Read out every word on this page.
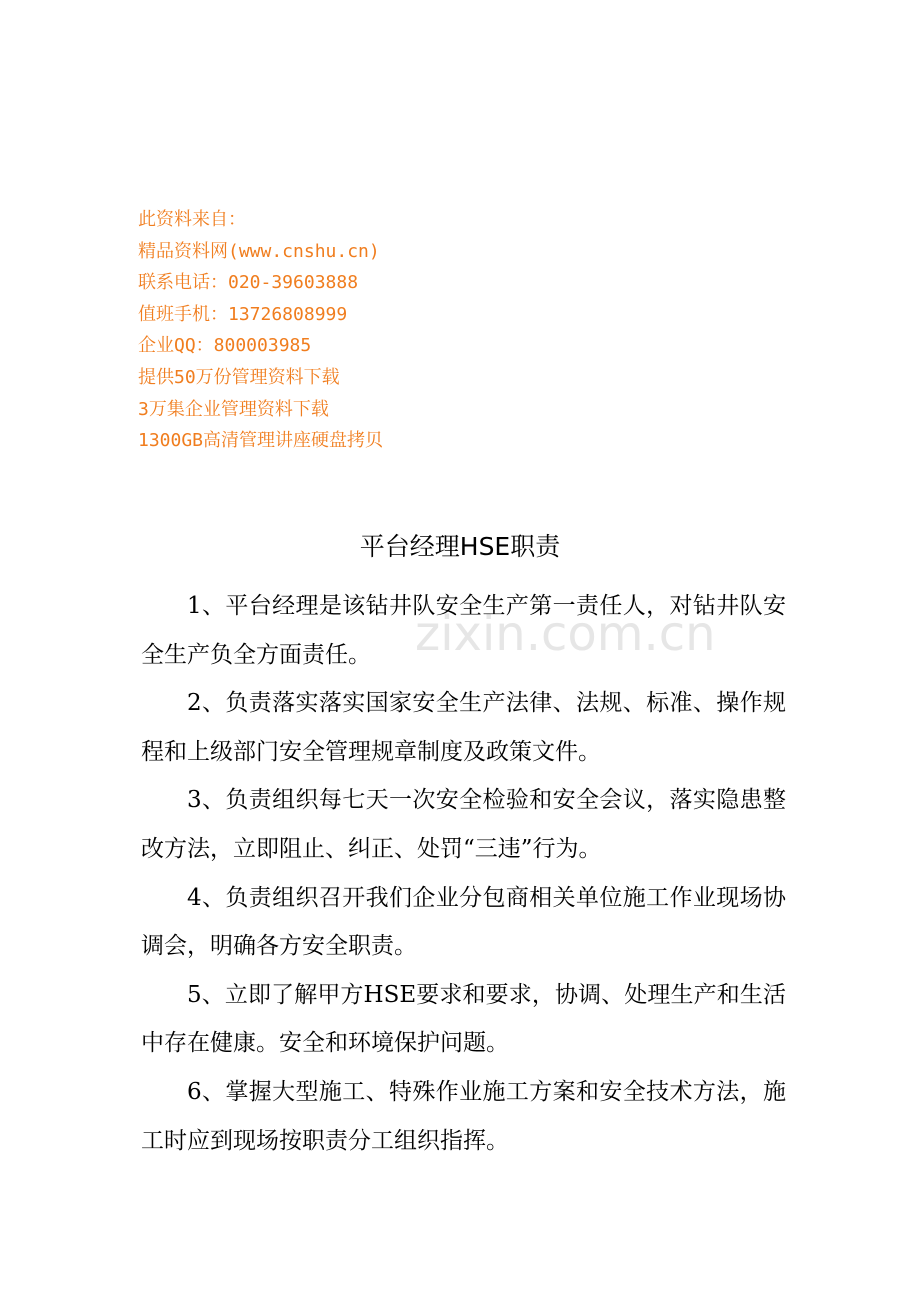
此资料来自：
精品资料网(www.cnshu.cn)
联系电话：020-39603888
值班手机：13726808999
企业QQ：800003985
提供50万份管理资料下载
3万集企业管理资料下载
1300GB高清管理讲座硬盘拷贝
平台经理HSE职责
zixin.com.cn

1、平台经理是该钻井队安全生产第一责任人，对钻井队安全生产负全方面责任。

2、负责落实落实国家安全生产法律、法规、标准、操作规程和上级部门安全管理规章制度及政策文件。

3、负责组织每七天一次安全检验和安全会议，落实隐患整改方法，立即阻止、纠正、处罚“三违”行为。

4、负责组织召开我们企业分包商相关单位施工作业现场协调会，明确各方安全职责。

5、立即了解甲方HSE要求和要求，协调、处理生产和生活中存在健康。安全和环境保护问题。

6、掌握大型施工、特殊作业施工方案和安全技术方法，施工时应到现场按职责分工组织指挥。
